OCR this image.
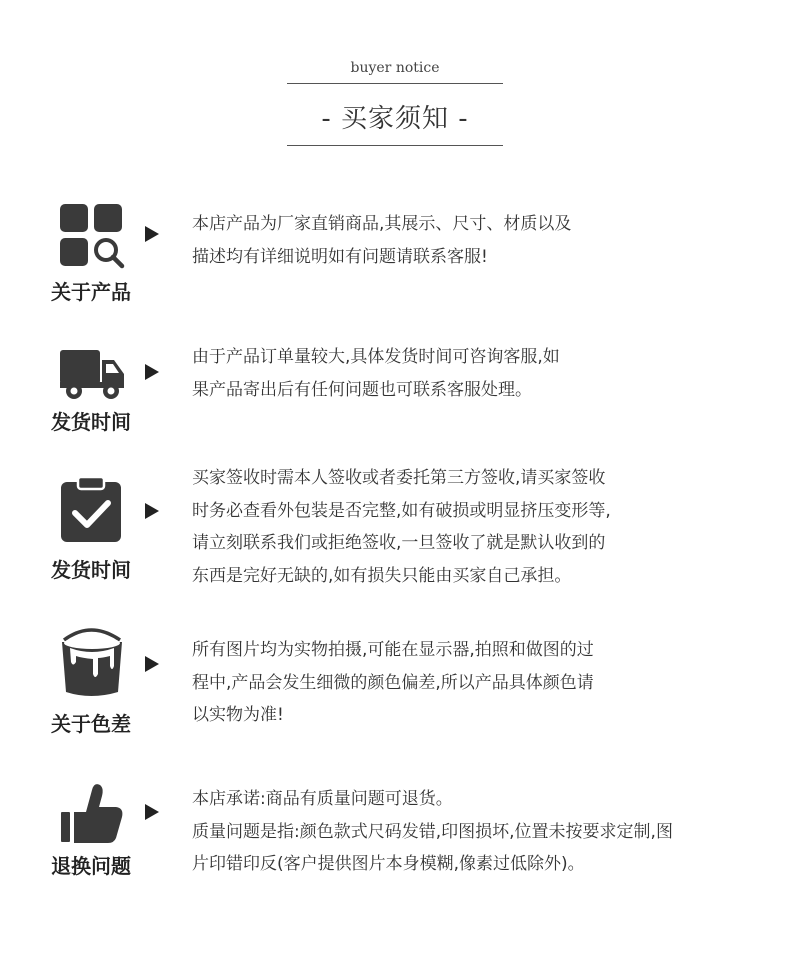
buyer notice
- 买家须知 -
关于产品
本店产品为厂家直销商品,其展示、尺寸、材质以及
描述均有详细说明如有问题请联系客服!
发货时间
由于产品订单量较大,具体发货时间可咨询客服,如
果产品寄出后有任何问题也可联系客服处理。
发货时间
买家签收时需本人签收或者委托第三方签收,请买家签收
时务必查看外包装是否完整,如有破损或明显挤压变形等,
请立刻联系我们或拒绝签收,一旦签收了就是默认收到的
东西是完好无缺的,如有损失只能由买家自己承担。
关于色差
所有图片均为实物拍摄,可能在显示器,拍照和做图的过
程中,产品会发生细微的颜色偏差,所以产品具体颜色请
以实物为准!
退换问题
本店承诺:商品有质量问题可退货。
质量问题是指:颜色款式尺码发错,印图损坏,位置未按要求定制,图
片印错印反(客户提供图片本身模糊,像素过低除外)。
